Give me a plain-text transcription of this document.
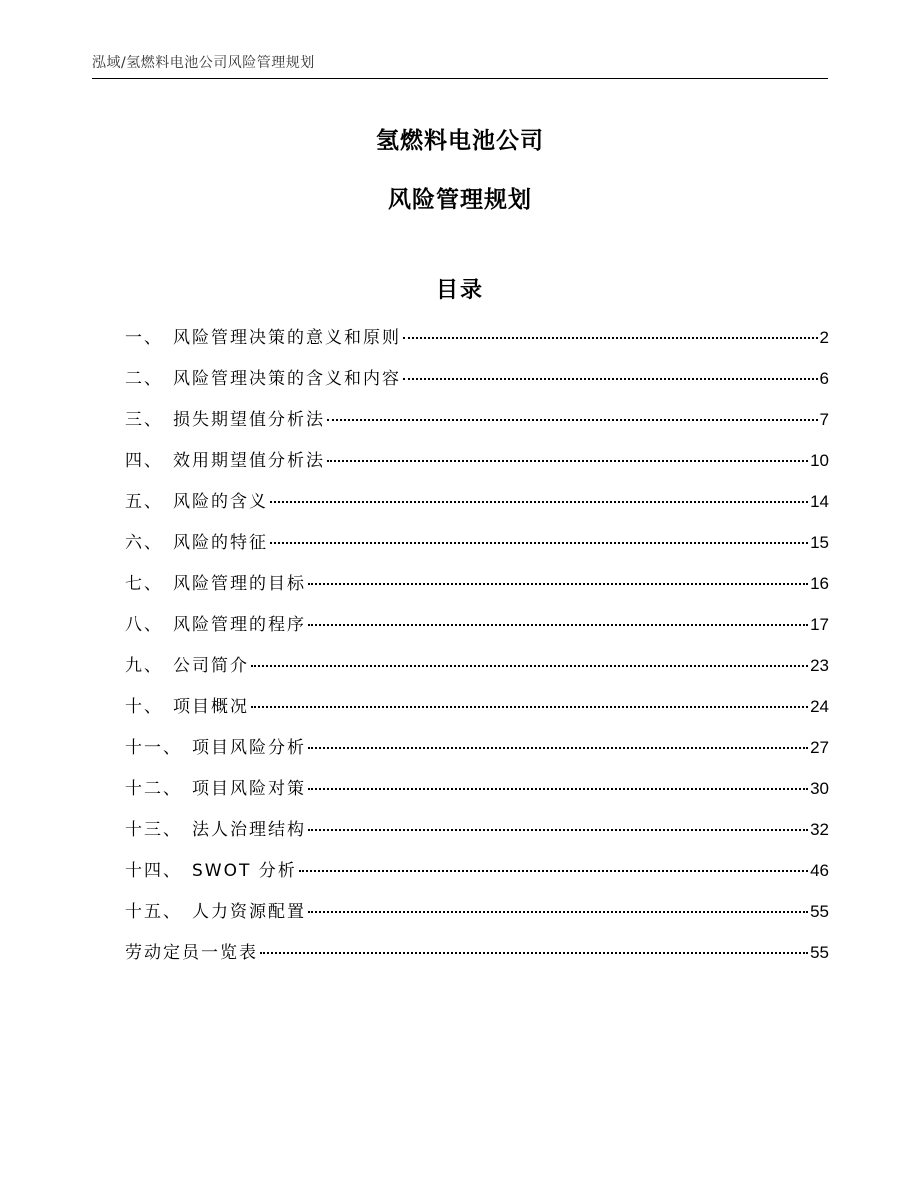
泓域/氢燃料电池公司风险管理规划
氢燃料电池公司
风险管理规划
目录
一、 风险管理决策的意义和原则	2
二、 风险管理决策的含义和内容	6
三、 损失期望值分析法	7
四、 效用期望值分析法	10
五、 风险的含义	14
六、 风险的特征	15
七、 风险管理的目标	16
八、 风险管理的程序	17
九、 公司简介	23
十、 项目概况	24
十一、 项目风险分析	27
十二、 项目风险对策	30
十三、 法人治理结构	32
十四、 SWOT 分析	46
十五、 人力资源配置	55
劳动定员一览表	55
